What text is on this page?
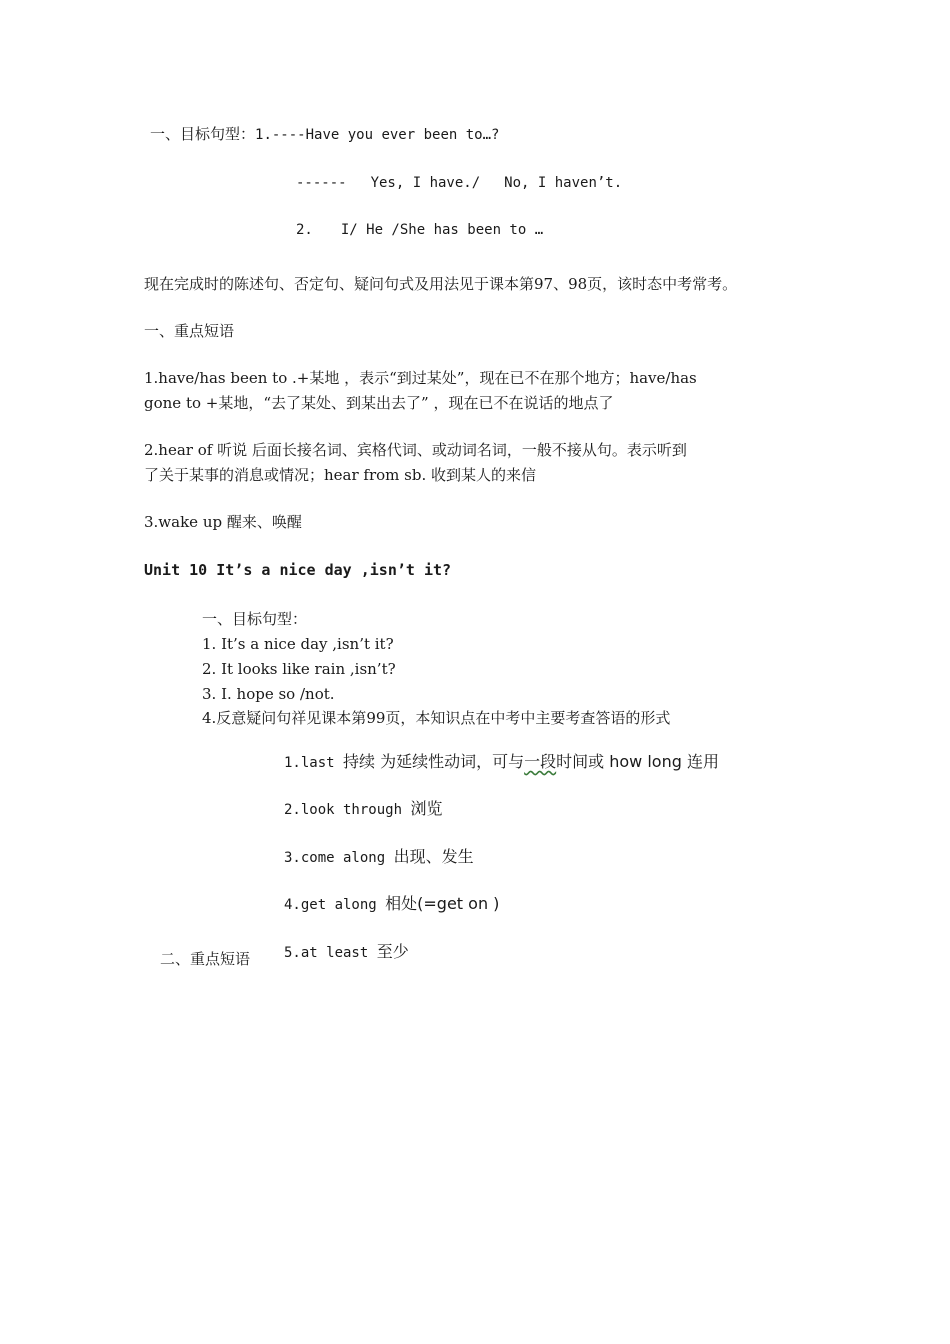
一、目标句型：1.----Have you ever been to…?
------ Yes, I have./ No, I haven’t.
2. I/ He /She has been to …
现在完成时的陈述句、否定句、疑问句式及用法见于课本第97、98页，该时态中考常考。
一、重点短语
1.have/has been to .+某地 ，表示“到过某处”，现在已不在那个地方；have/has
gone to +某地，“去了某处、到某出去了” ，现在已不在说话的地点了
2.hear of 听说 后面长接名词、宾格代词、或动词名词，一般不接从句。表示听到
了关于某事的消息或情况；hear from sb. 收到某人的来信
3.wake up 醒来、唤醒
Unit 10 It’s a nice day ,isn’t it?
一、目标句型：
1. It’s a nice day ,isn’t it?
2. It looks like rain ,isn’t?
3. I. hope so /not.
4.反意疑问句祥见课本第99页，本知识点在中考中主要考查答语的形式
1.last 持续 为延续性动词，可与一段时间或 how long 连用
2.look through 浏览
3.come along 出现、发生
4.get along 相处(=get on )
二、重点短语 5.at least 至少
